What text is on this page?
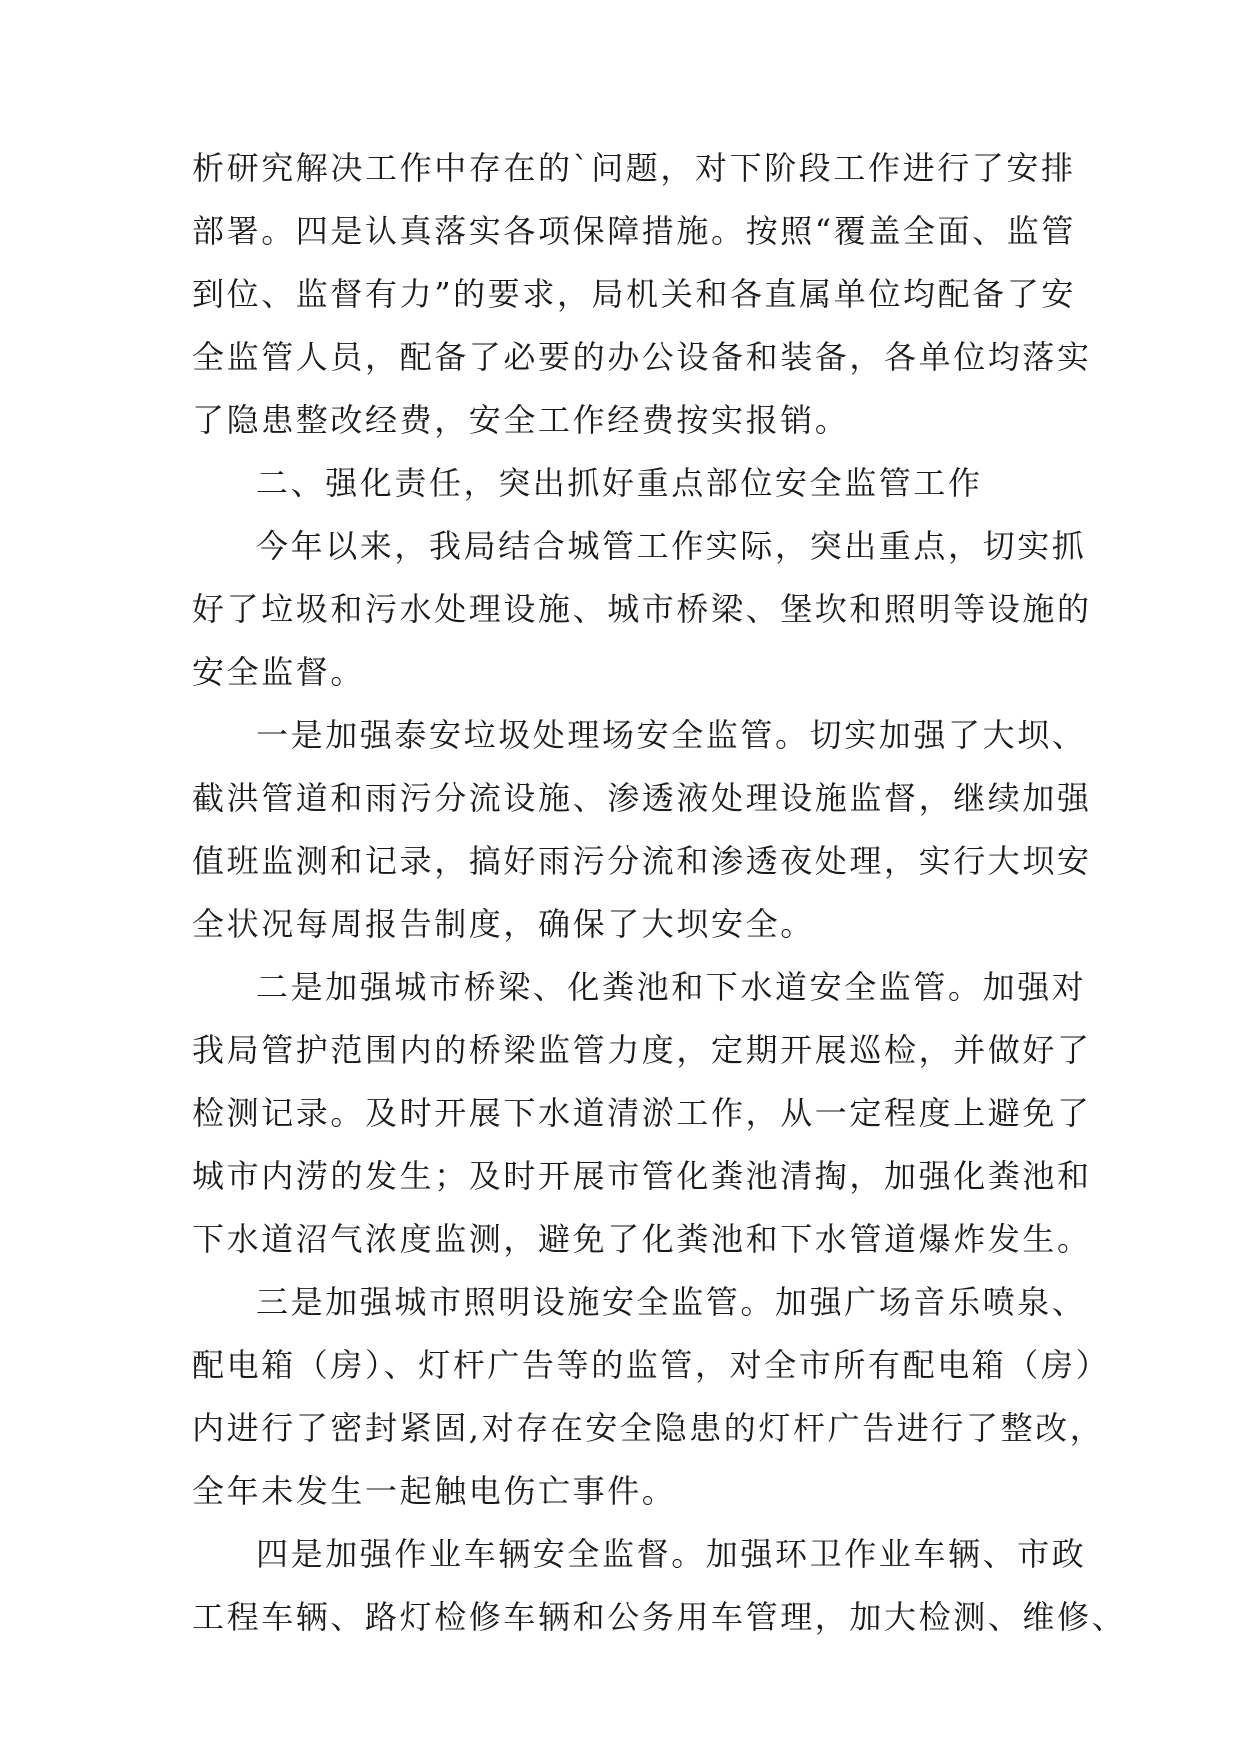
析研究解决工作中存在的`问题，对下阶段工作进行了安排

部署。四是认真落实各项保障措施。按照“覆盖全面、监管

到位、监督有力”的要求，局机关和各直属单位均配备了安

全监管人员，配备了必要的办公设备和装备，各单位均落实

了隐患整改经费，安全工作经费按实报销。

二、强化责任，突出抓好重点部位安全监管工作

今年以来，我局结合城管工作实际，突出重点，切实抓

好了垃圾和污水处理设施、城市桥梁、堡坎和照明等设施的

安全监督。

一是加强泰安垃圾处理场安全监管。切实加强了大坝、

截洪管道和雨污分流设施、渗透液处理设施监督，继续加强

值班监测和记录，搞好雨污分流和渗透夜处理，实行大坝安

全状况每周报告制度，确保了大坝安全。

二是加强城市桥梁、化粪池和下水道安全监管。加强对

我局管护范围内的桥梁监管力度，定期开展巡检，并做好了

检测记录。及时开展下水道清淤工作，从一定程度上避免了

城市内涝的发生；及时开展市管化粪池清掏，加强化粪池和

下水道沼气浓度监测，避免了化粪池和下水管道爆炸发生。

三是加强城市照明设施安全监管。加强广场音乐喷泉、

配电箱（房）、灯杆广告等的监管，对全市所有配电箱（房）

内进行了密封紧固,对存在安全隐患的灯杆广告进行了整改，

全年未发生一起触电伤亡事件。

四是加强作业车辆安全监督。加强环卫作业车辆、市政

工程车辆、路灯检修车辆和公务用车管理，加大检测、维修、
